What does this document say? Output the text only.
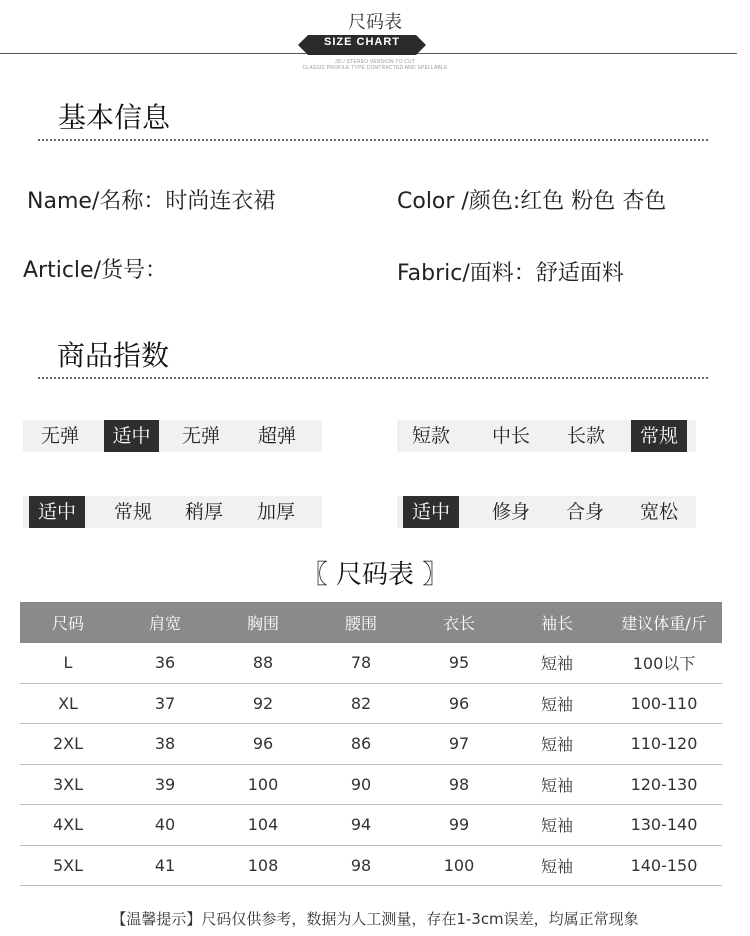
尺码表
SIZE CHART
3D / STEREO VERSION TO CUT
CLASSIC PROFILE TYPE CONTRACTED AND SPELLABLE
基本信息
Name/名称：时尚连衣裙	Color /颜色:红色 粉色 杏色
Article/货号：	Fabric/面料：舒适面料
商品指数
无弹	适中	无弹	超弹	短款	中长	长款	常规
适中	常规	稍厚	加厚	适中	修身	合身	宽松
〖 尺码表 〗
尺码	肩宽	胸围	腰围	衣长	袖长	建议体重/斤
L	36	88	78	95	短袖	100以下
XL	37	92	82	96	短袖	100-110
2XL	38	96	86	97	短袖	110-120
3XL	39	100	90	98	短袖	120-130
4XL	40	104	94	99	短袖	130-140
5XL	41	108	98	100	短袖	140-150
【温馨提示】尺码仅供参考，数据为人工测量，存在1-3cm误差，均属正常现象
